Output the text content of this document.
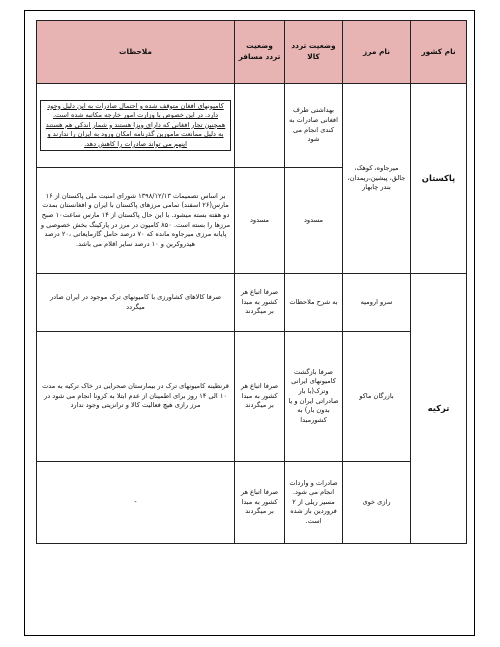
نام کشور	نام مرز	وضعیت تردد کالا	وضعیت تردد مسافر	ملاحظات
پاکستان	میرجاوه، کوهک، جالق، پیشین،ریمدان، بندر چابهار	بهداشتی طرف افغانی صادرات به کندی انجام می شود		کامیونهای افغان متوقف شده و احتمال صادرات به این دلیل وجود دارد. در این خصوص با وزارت امور خارجه مکاتبه شده است. همچنین تجار افغانی که دارای ویزا هستند و شمار اندکی هم هستند به دلیل ممانعت مامورین گذرنامه امکان ورود به ایران را ندارند و اینهم می تواند صادرات را کاهش دهد.

		مسدود	مسدود	بر اساس تصمیمات ۱۳۹۸/۱۲/۱۳ شورای امنیت ملی پاکستان از ۱۶ مارس(۲۶ اسفند) تمامی مرزهای پاکستان با ایران و افغانستان بمدت دو هفته بسته میشود. با این حال پاکستان از ۱۴ مارس ساعت۱۰ صبح مرزها را بسته است. ۸۵۰ کامیون در مرز در پارکینگ بخش خصوصی و پایانه مرزی میرجاوه مانده که ۷۰ درصد حامل گازمایعاتی ،۲۰ درصد هیدروکربن و ۱۰ درصد سایر اقلام می باشد.
ترکیه	سرو ارومیه	به شرح ملاحظات	صرفا اتباع هر کشور به مبدا بر میگردند	صرفا کالاهای کشاورزی با کامیونهای ترک موجود در ایران صادر میگردد
	بازرگان ماکو	صرفا بازگشت کامیونهای ایرانی وترک(با بار صادراتی ایران و یا بدون بار) به کشورمبدا	صرفا اتباع هر کشور به مبدا بر میگردند	قرنطینه کامیونهای ترک در بیمارستان صحرایی در خاک ترکیه به مدت ۱۰ الی ۱۴ روز برای اطمینان از عدم ابتلا به کرونا انجام می شود در مرز رازی هیچ فعالیت کالا و ترانزیتی وجود ندارد
	رازی خوی	صادرات و واردات انجام می شود. مسیر ریلی از ۲ فروردین باز شده است.	صرفا اتباع هر کشور به مبدا بر میگردند	-
